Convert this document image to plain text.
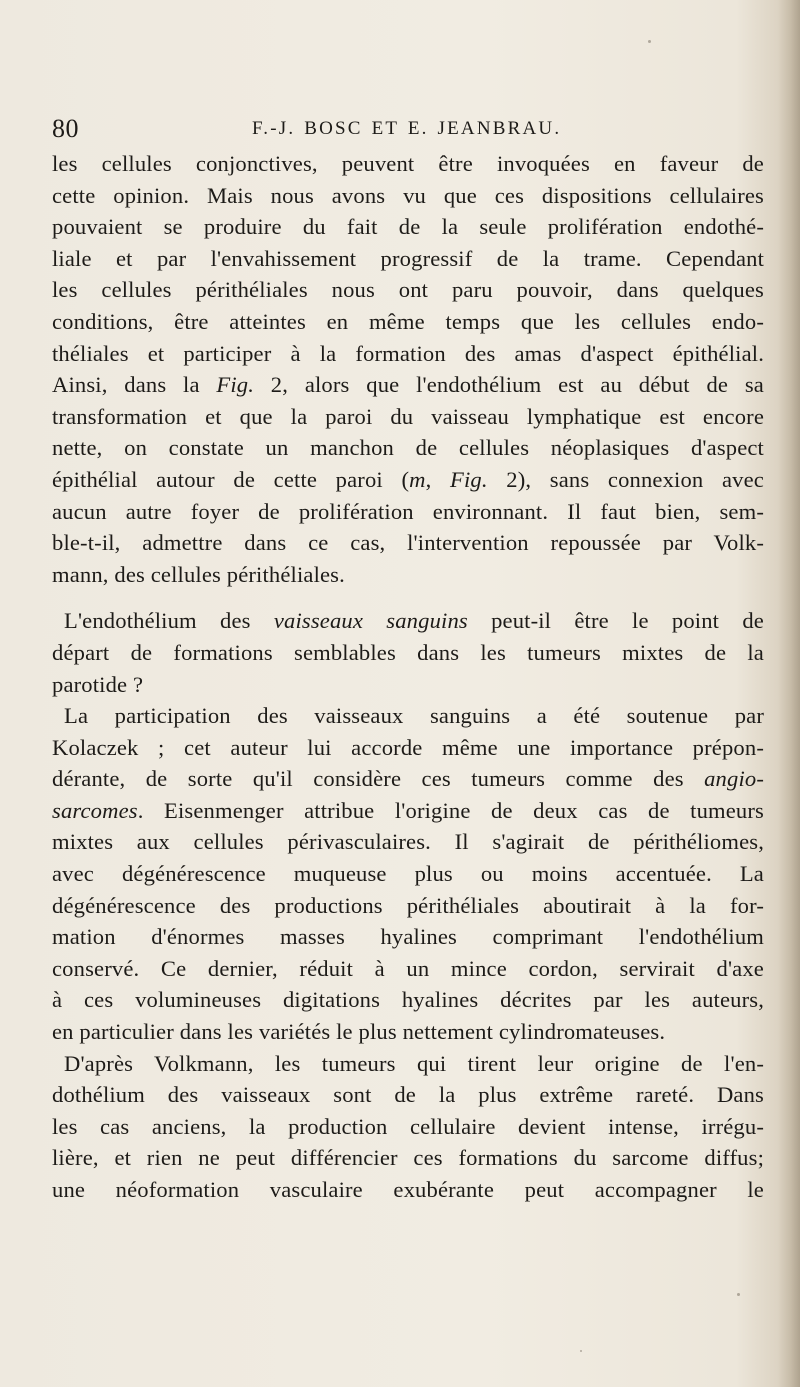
80	F.-J. BOSC ET E. JEANBRAU.
les cellules conjonctives, peuvent être invoquées en faveur de
cette opinion. Mais nous avons vu que ces dispositions cellulaires
pouvaient se produire du fait de la seule prolifération endothé-
liale et par l'envahissement progressif de la trame. Cependant
les cellules périthéliales nous ont paru pouvoir, dans quelques
conditions, être atteintes en même temps que les cellules endo-
théliales et participer à la formation des amas d'aspect épithélial.
Ainsi, dans la Fig. 2, alors que l'endothélium est au début de sa
transformation et que la paroi du vaisseau lymphatique est encore
nette, on constate un manchon de cellules néoplasiques d'aspect
épithélial autour de cette paroi (m, Fig. 2), sans connexion avec
aucun autre foyer de prolifération environnant. Il faut bien, sem-
ble-t-il, admettre dans ce cas, l'intervention repoussée par Volk-
mann, des cellules périthéliales.
L'endothélium des vaisseaux sanguins peut-il être le point de
départ de formations semblables dans les tumeurs mixtes de la
parotide ?
La participation des vaisseaux sanguins a été soutenue par
Kolaczek ; cet auteur lui accorde même une importance prépon-
dérante, de sorte qu'il considère ces tumeurs comme des angio-
sarcomes. Eisenmenger attribue l'origine de deux cas de tumeurs
mixtes aux cellules périvasculaires. Il s'agirait de périthéliomes,
avec dégénérescence muqueuse plus ou moins accentuée. La
dégénérescence des productions périthéliales aboutirait à la for-
mation d'énormes masses hyalines comprimant l'endothélium
conservé. Ce dernier, réduit à un mince cordon, servirait d'axe
à ces volumineuses digitations hyalines décrites par les auteurs,
en particulier dans les variétés le plus nettement cylindromateuses.
D'après Volkmann, les tumeurs qui tirent leur origine de l'en-
dothélium des vaisseaux sont de la plus extrême rareté. Dans
les cas anciens, la production cellulaire devient intense, irrégu-
lière, et rien ne peut différencier ces formations du sarcome diffus;
une néoformation vasculaire exubérante peut accompagner le
